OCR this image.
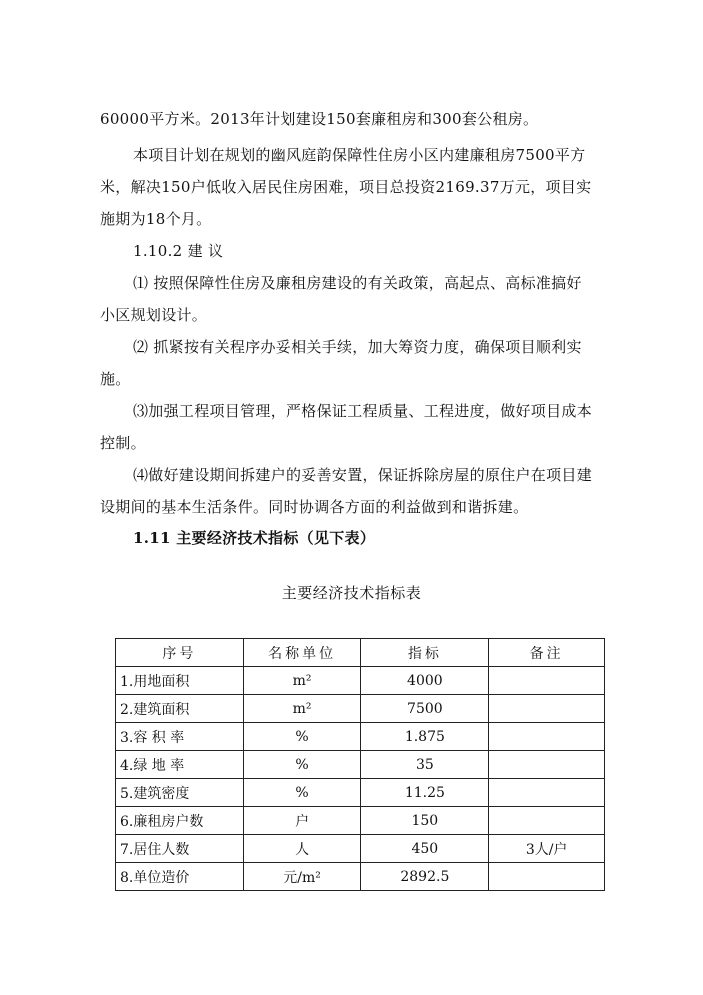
60000平方米。2013年计划建设150套廉租房和300套公租房。
本项目计划在规划的幽风庭韵保障性住房小区内建廉租房7500平方
米，解决150户低收入居民住房困难，项目总投资2169.37万元，项目实
施期为18个月。
1.10.2 建 议
⑴ 按照保障性住房及廉租房建设的有关政策，高起点、高标准搞好
小区规划设计。
⑵ 抓紧按有关程序办妥相关手续，加大筹资力度，确保项目顺利实
施。
⑶加强工程项目管理，严格保证工程质量、工程进度，做好项目成本
控制。
⑷做好建设期间拆建户的妥善安置，保证拆除房屋的原住户在项目建
设期间的基本生活条件。同时协调各方面的利益做到和谐拆建。
1.11 主要经济技术指标（见下表）
主要经济技术指标表
序号	名称单位	指标	备注
1.用地面积	m²	4000	
2.建筑面积	m²	7500	
3.容 积 率	%	1.875	
4.绿 地 率	%	35	
5.建筑密度	%	11.25	
6.廉租房户数	户	150	
7.居住人数	人	450	3人/户
8.单位造价	元/m²	2892.5	
